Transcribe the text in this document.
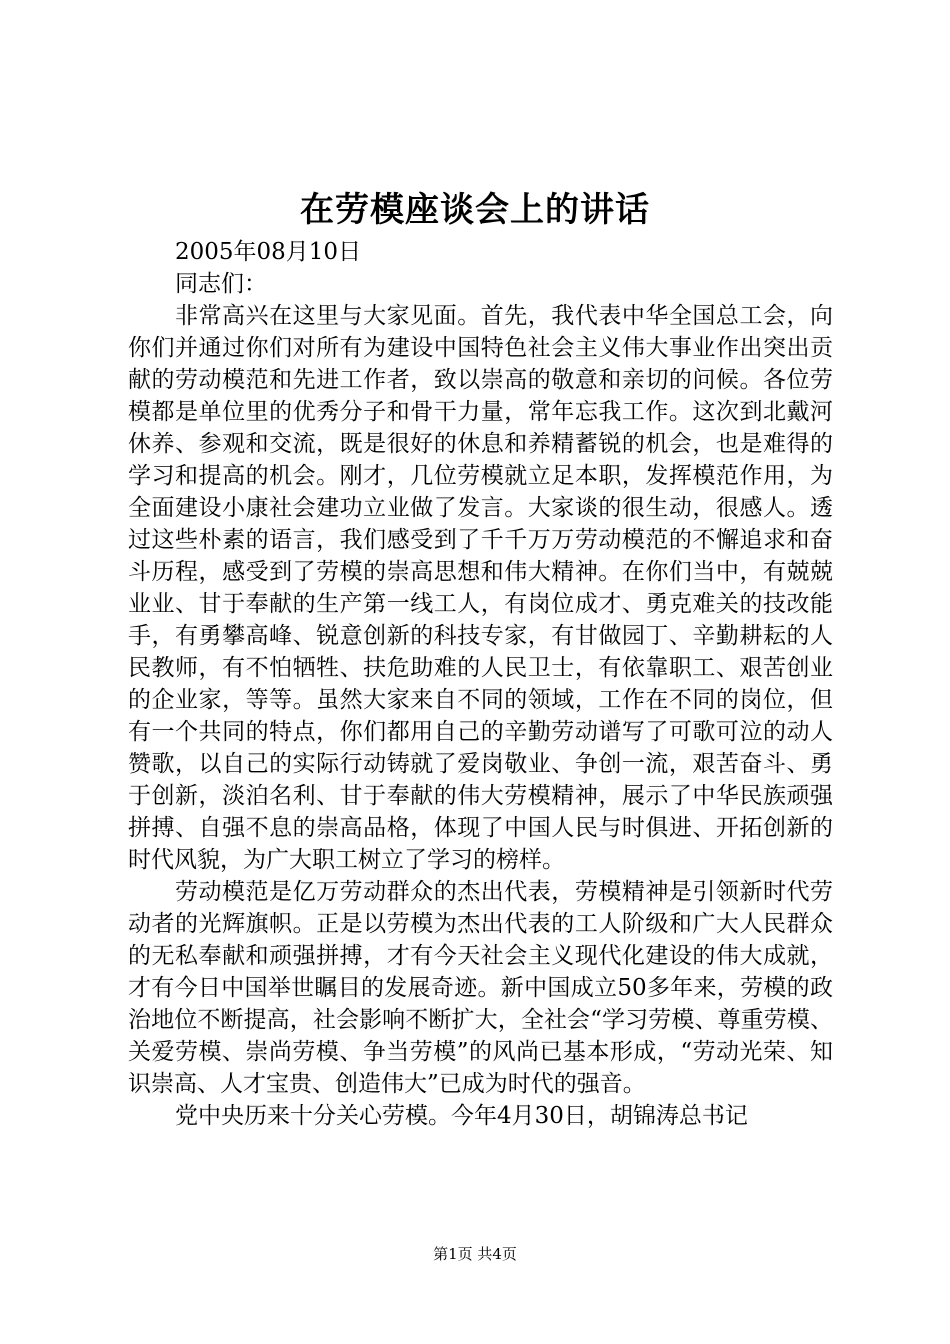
在劳模座谈会上的讲话

2005年08月10日

同志们：

非常高兴在这里与大家见面。首先，我代表中华全国总工会，向你们并通过你们对所有为建设中国特色社会主义伟大事业作出突出贡献的劳动模范和先进工作者，致以崇高的敬意和亲切的问候。各位劳模都是单位里的优秀分子和骨干力量，常年忘我工作。这次到北戴河休养、参观和交流，既是很好的休息和养精蓄锐的机会，也是难得的学习和提高的机会。刚才，几位劳模就立足本职，发挥模范作用，为全面建设小康社会建功立业做了发言。大家谈的很生动，很感人。透过这些朴素的语言，我们感受到了千千万万劳动模范的不懈追求和奋斗历程，感受到了劳模的崇高思想和伟大精神。在你们当中，有兢兢业业、甘于奉献的生产第一线工人，有岗位成才、勇克难关的技改能手，有勇攀高峰、锐意创新的科技专家，有甘做园丁、辛勤耕耘的人民教师，有不怕牺牲、扶危助难的人民卫士，有依靠职工、艰苦创业的企业家，等等。虽然大家来自不同的领域，工作在不同的岗位，但有一个共同的特点，你们都用自己的辛勤劳动谱写了可歌可泣的动人赞歌，以自己的实际行动铸就了爱岗敬业、争创一流，艰苦奋斗、勇于创新，淡泊名利、甘于奉献的伟大劳模精神，展示了中华民族顽强拼搏、自强不息的崇高品格，体现了中国人民与时俱进、开拓创新的时代风貌，为广大职工树立了学习的榜样。

劳动模范是亿万劳动群众的杰出代表，劳模精神是引领新时代劳动者的光辉旗帜。正是以劳模为杰出代表的工人阶级和广大人民群众的无私奉献和顽强拼搏，才有今天社会主义现代化建设的伟大成就，才有今日中国举世瞩目的发展奇迹。新中国成立50多年来，劳模的政治地位不断提高，社会影响不断扩大，全社会“学习劳模、尊重劳模、关爱劳模、崇尚劳模、争当劳模”的风尚已基本形成，“劳动光荣、知识崇高、人才宝贵、创造伟大”已成为时代的强音。

党中央历来十分关心劳模。今年4月30日，胡锦涛总书记

第1页 共4页
